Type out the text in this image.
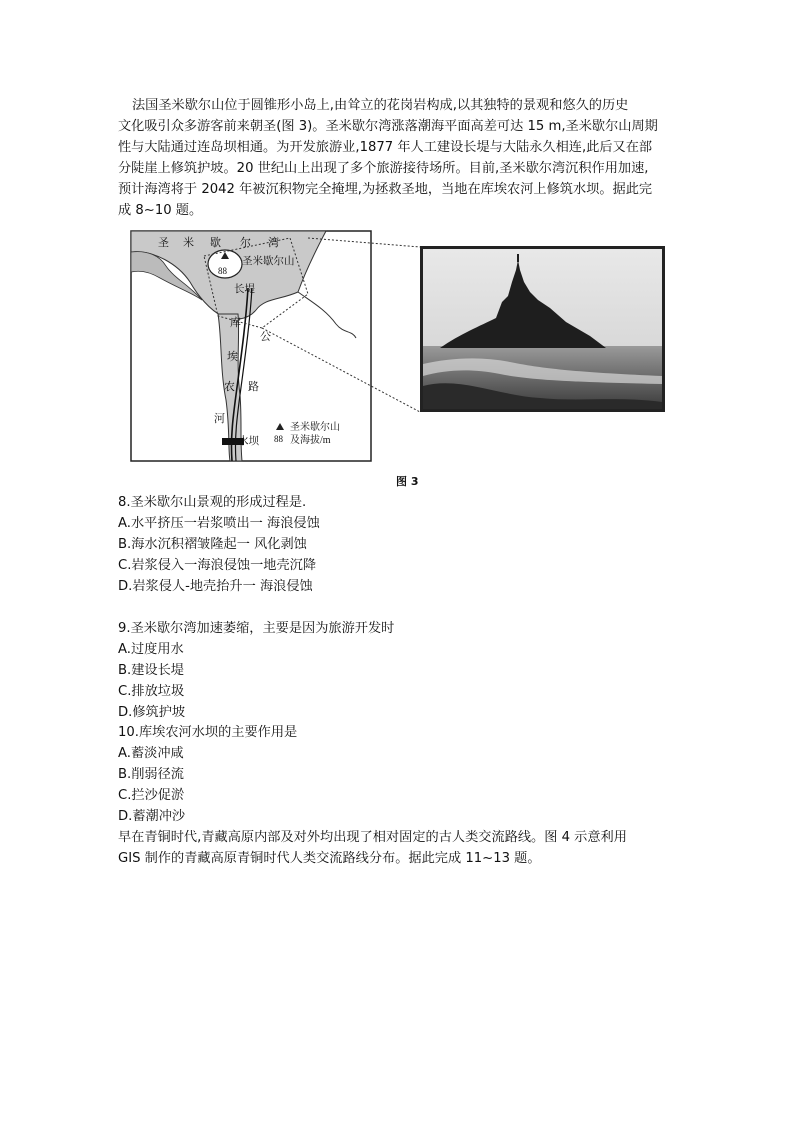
法国圣米歇尔山位于圆锥形小岛上,由耸立的花岗岩构成,以其独特的景观和悠久的历史

文化吸引众多游客前来朝圣(图 3)。圣米歇尔湾涨落潮海平面高差可达 15 m,圣米歇尔山周期

性与大陆通过连岛坝相通。为开发旅游业,1877 年人工建设长堤与大陆永久相连,此后又在部

分陡崖上修筑护坡。20 世纪山上出现了多个旅游接待场所。目前,圣米歇尔湾沉积作用加速,

预计海湾将于 2042 年被沉积物完全掩埋,为拯救圣地，当地在库埃农河上修筑水坝。据此完

成 8~10 题。

圣 米 歇 尔 湾
圣米歇尔山
88
长堤
库
埃
农
河
公
路
水坝
圣米歇尔山
88 及海拔/m
图 3
8.圣米歇尔山景观的形成过程是.
A.水平挤压一岩浆喷出一 海浪侵蚀
B.海水沉积褶皱隆起一 风化剥蚀
C.岩浆侵入一海浪侵蚀一地壳沉降
D.岩浆侵人-地壳抬升一 海浪侵蚀
9.圣米歇尔湾加速萎缩，主要是因为旅游开发时
A.过度用水
B.建设长堤
C.排放垃圾
D.修筑护坡
10.库埃农河水坝的主要作用是
A.蓄淡冲咸
B.削弱径流
C.拦沙促淤
D.蓄潮冲沙
早在青铜时代,青藏高原内部及对外均出现了相对固定的古人类交流路线。图 4 示意利用
GIS 制作的青藏高原青铜时代人类交流路线分布。据此完成 11~13 题。
